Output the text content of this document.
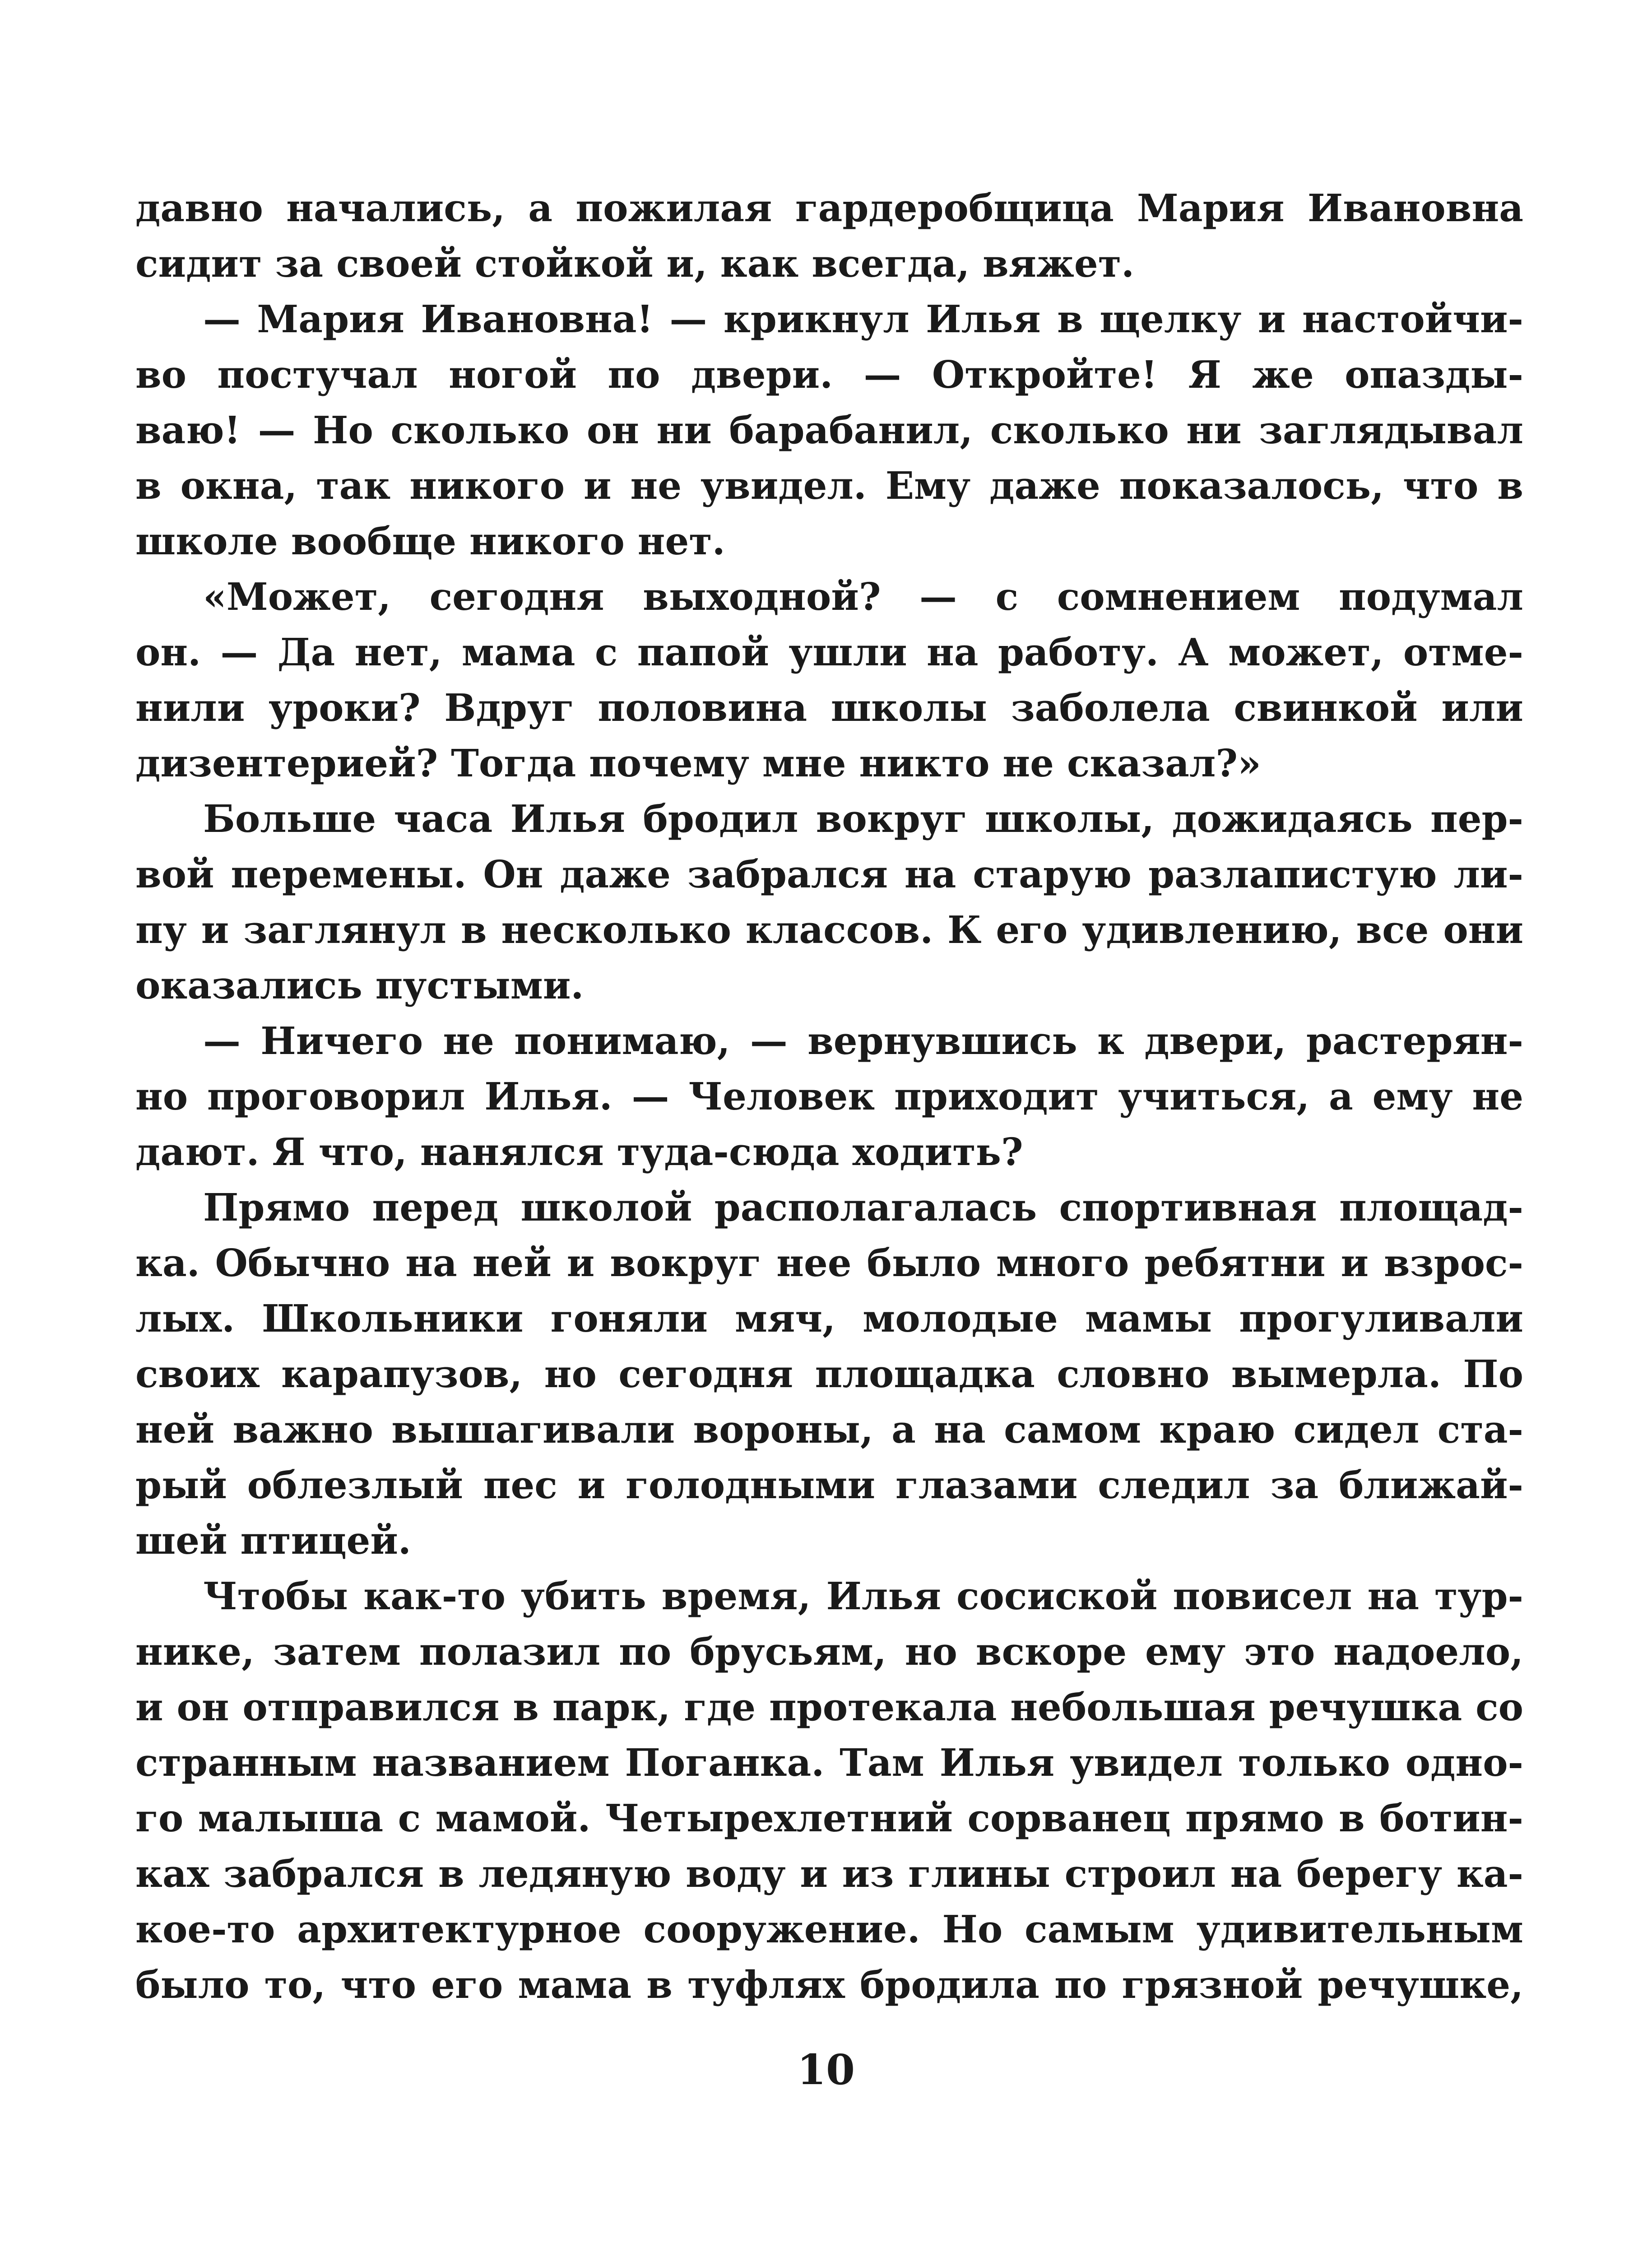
давно начались, а пожилая гардеробщица Мария Ивановна
сидит за своей стойкой и, как всегда, вяжет.
— Мария Ивановна! — крикнул Илья в щелку и настойчи-
во постучал ногой по двери. — Откройте! Я же опазды-
ваю! — Но сколько он ни барабанил, сколько ни заглядывал
в окна, так никого и не увидел. Ему даже показалось, что в
школе вообще никого нет.
«Может, сегодня выходной? — с сомнением подумал
он. — Да нет, мама с папой ушли на работу. А может, отме-
нили уроки? Вдруг половина школы заболела свинкой или
дизентерией? Тогда почему мне никто не сказал?»
Больше часа Илья бродил вокруг школы, дожидаясь пер-
вой перемены. Он даже забрался на старую разлапистую ли-
пу и заглянул в несколько классов. К его удивлению, все они
оказались пустыми.
— Ничего не понимаю, — вернувшись к двери, растерян-
но проговорил Илья. — Человек приходит учиться, а ему не
дают. Я что, нанялся туда-сюда ходить?
Прямо перед школой располагалась спортивная площад-
ка. Обычно на ней и вокруг нее было много ребятни и взрос-
лых. Школьники гоняли мяч, молодые мамы прогуливали
своих карапузов, но сегодня площадка словно вымерла. По
ней важно вышагивали вороны, а на самом краю сидел ста-
рый облезлый пес и голодными глазами следил за ближай-
шей птицей.
Чтобы как-то убить время, Илья сосиской повисел на тур-
нике, затем полазил по брусьям, но вскоре ему это надоело,
и он отправился в парк, где протекала небольшая речушка со
странным названием Поганка. Там Илья увидел только одно-
го малыша с мамой. Четырехлетний сорванец прямо в ботин-
ках забрался в ледяную воду и из глины строил на берегу ка-
кое-то архитектурное сооружение. Но самым удивительным
было то, что его мама в туфлях бродила по грязной речушке,
10
